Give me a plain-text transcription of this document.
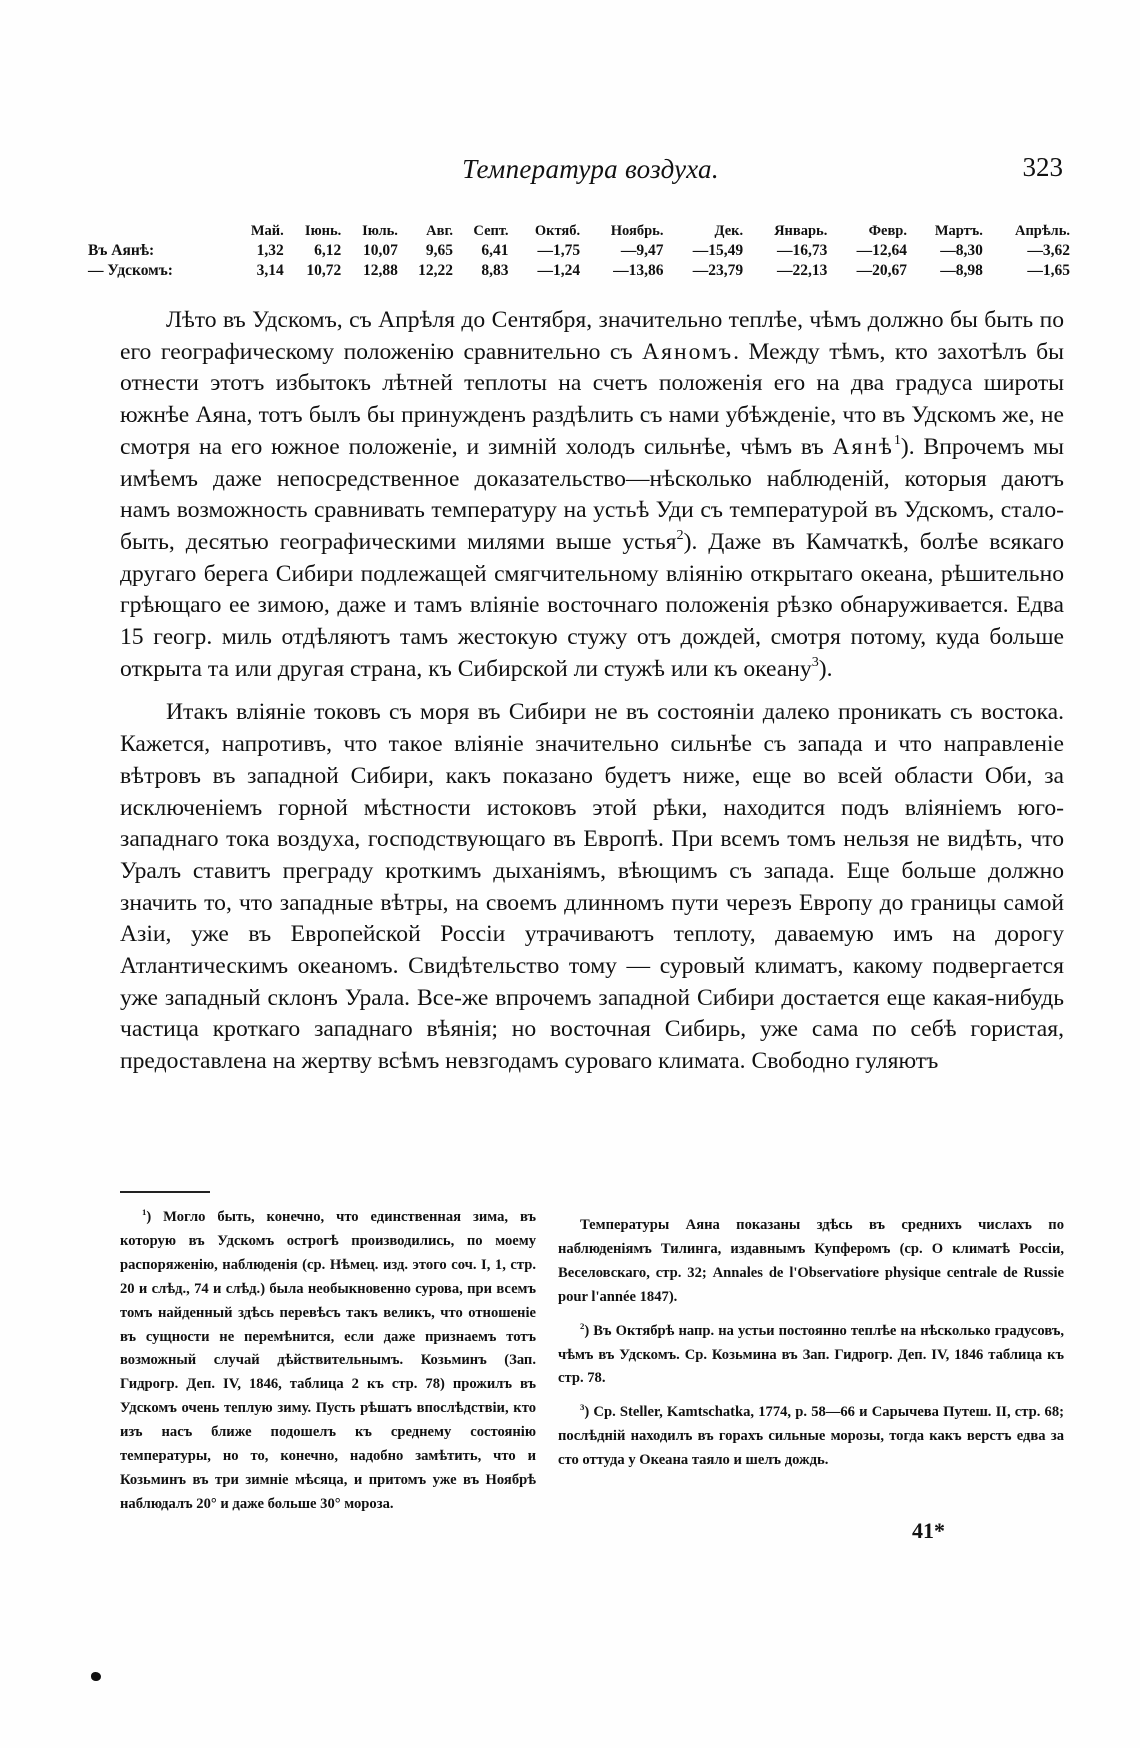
Температура воздуха.	323
	Май.	Іюнь.	Іюль.	Авг.	Септ.	Октяб.	Ноябрь.	Дек.	Январь.	Февр.	Мартъ.	Апрѣль.
Въ Аянѣ:	1,32	6,12	10,07	9,65	6,41	—1,75	—9,47	—15,49	—16,73	—12,64	—8,30	—3,62
— Удскомъ:	3,14	10,72	12,88	12,22	8,83	—1,24	—13,86	—23,79	—22,13	—20,67	—8,98	—1,65

Лѣто въ Удскомъ, съ Апрѣля до Сентября, значительно теплѣе, чѣмъ должно бы быть по его географическому положенію сравнительно съ Аяномъ. Между тѣмъ, кто захотѣлъ бы отнести этотъ избытокъ лѣтней теплоты на счетъ положенія его на два градуса широты южнѣе Аяна, тотъ былъ бы принужденъ раздѣлить съ нами убѣжденіе, что въ Удскомъ же, не смотря на его южное положеніе, и зимній холодъ сильнѣе, чѣмъ въ Аянѣ$^1$). Впрочемъ мы имѣемъ даже непосредственное доказательство—нѣсколько наблюденій, которыя даютъ намъ возможность сравнивать температуру на устьѣ Уди съ температурой въ Удскомъ, стало-быть, десятью географическими милями выше устья$^2$). Даже въ Камчаткѣ, болѣе всякаго другаго берега Сибири подлежащей смягчительному вліянію открытаго океана, рѣшительно грѣющаго ее зимою, даже и тамъ вліяніе восточнаго положенія рѣзко обнаруживается. Едва 15 геогр. миль отдѣляютъ тамъ жестокую стужу отъ дождей, смотря потому, куда больше открыта та или другая страна, къ Сибирской ли стужѣ или къ океану$^3$).

Итакъ вліяніе токовъ съ моря въ Сибири не въ состояніи далеко проникать съ востока. Кажется, напротивъ, что такое вліяніе значительно сильнѣе съ запада и что направленіе вѣтровъ въ западной Сибири, какъ показано будетъ ниже, еще во всей области Оби, за исключеніемъ горной мѣстности истоковъ этой рѣки, находится подъ вліяніемъ юго-западнаго тока воздуха, господствующаго въ Европѣ. При всемъ томъ нельзя не видѣть, что Уралъ ставитъ преграду кроткимъ дыханіямъ, вѣющимъ съ запада. Еще больше должно значить то, что западные вѣтры, на своемъ длинномъ пути черезъ Европу до границы самой Азіи, уже въ Европейской Россіи утрачиваютъ теплоту, даваемую имъ на дорогу Атлантическимъ океаномъ. Свидѣтельство тому — суровый климатъ, какому подвергается уже западный склонъ Урала. Все-же впрочемъ западной Сибири достается еще какая-нибудь частица кроткаго западнаго вѣянія; но восточная Сибирь, уже сама по себѣ гористая, предоставлена на жертву всѣмъ невзгодамъ суроваго климата. Свободно гуляютъ

$^1$) Могло быть, конечно, что единственная зима, въ которую въ Удскомъ острогѣ производились, по моему распоряженію, наблюденія (ср. Нѣмец. изд. этого соч. I, 1, стр. 20 и слѣд., 74 и слѣд.) была необыкновенно сурова, при всемъ томъ найденный здѣсь перевѣсъ такъ великъ, что отношеніе въ сущности не перемѣнится, если даже признаемъ тотъ возможный случай дѣйствительнымъ. Козьминъ (Зап. Гидрогр. Деп. IV, 1846, таблица 2 къ стр. 78) прожилъ въ Удскомъ очень теплую зиму. Пусть рѣшатъ впослѣдствіи, кто изъ насъ ближе подошелъ къ среднему состоянію температуры, но то, конечно, надобно замѣтить, что и Козьминъ въ три зимніе мѣсяца, и притомъ уже въ Ноябрѣ наблюдалъ 20° и даже больше 30° мороза.

Температуры Аяна показаны здѣсь въ среднихъ числахъ по наблюденіямъ Тилинга, издавнымъ Купферомъ (ср. О климатѣ Россіи, Веселовскаго, стр. 32; Annales de l'Observatiore physique centrale de Russie pour l'année 1847).

$^2$) Въ Октябрѣ напр. на устьи постоянно теплѣе на нѣсколько градусовъ, чѣмъ въ Удскомъ. Ср. Козьмина въ Зап. Гидрогр. Деп. IV, 1846 таблица къ стр. 78.

$^3$) Ср. Steller, Kamtschatka, 1774, p. 58—66 и Сарычева Путеш. II, стр. 68; послѣдній находилъ въ горахъ сильные морозы, тогда какъ верстъ едва за сто оттуда у Океана таяло и шелъ дождь.

41*
